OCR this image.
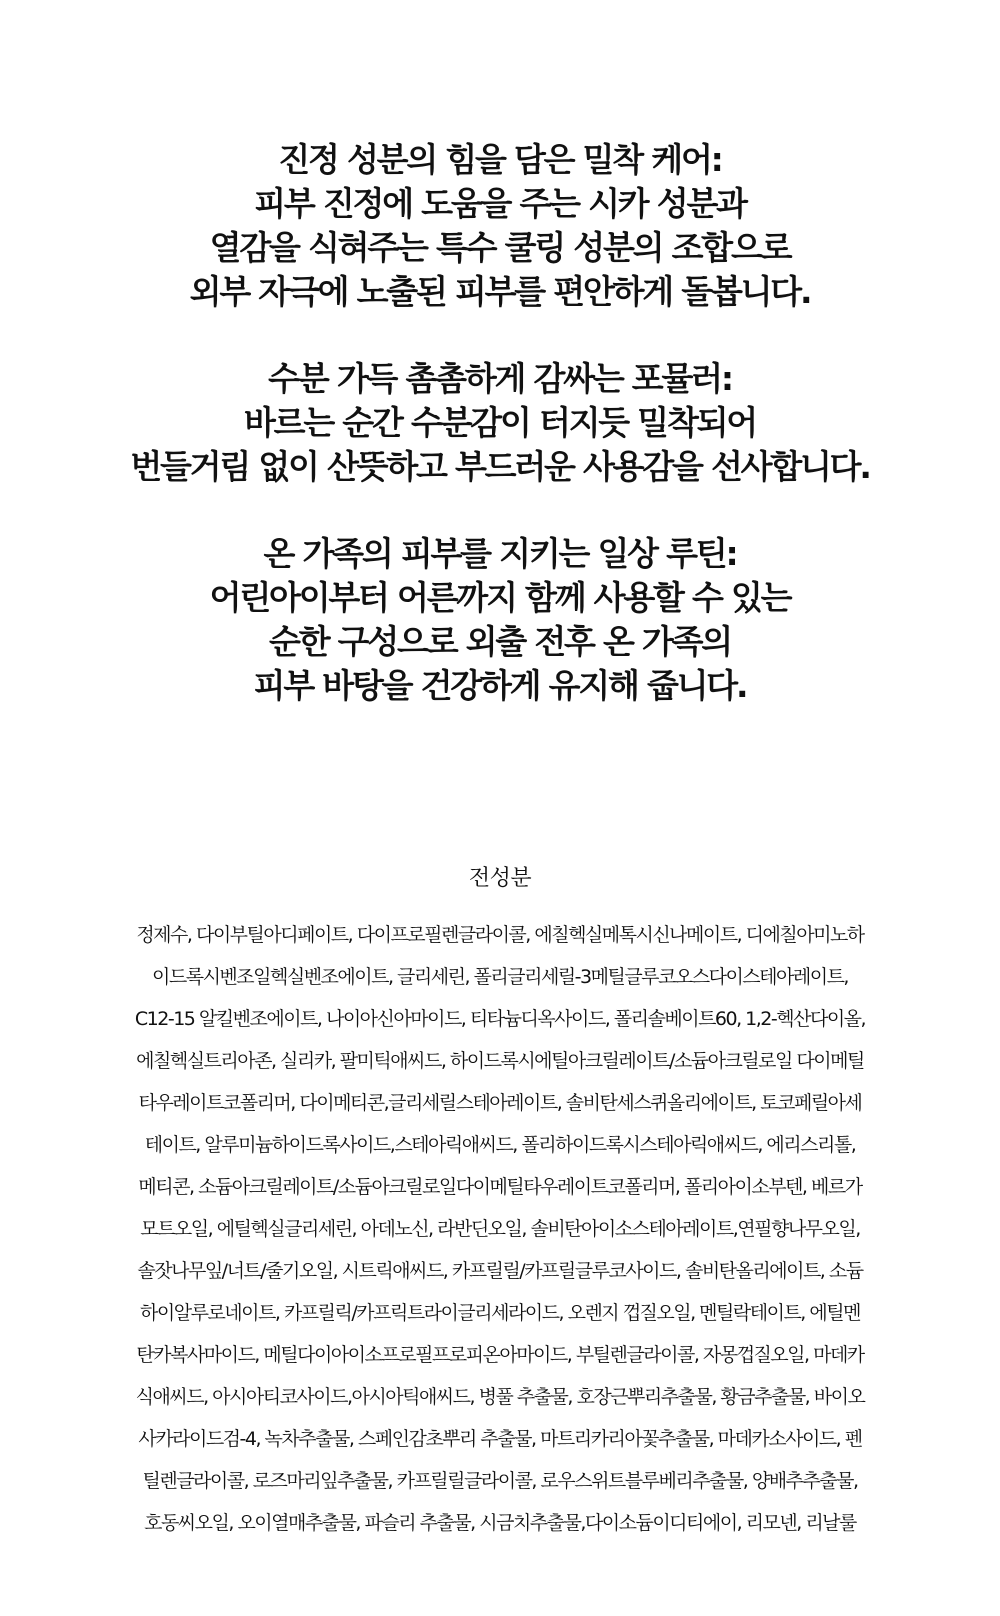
진정 성분의 힘을 담은 밀착 케어:
피부 진정에 도움을 주는 시카 성분과
열감을 식혀주는 특수 쿨링 성분의 조합으로
외부 자극에 노출된 피부를 편안하게 돌봅니다.
수분 가득 촘촘하게 감싸는 포뮬러:
바르는 순간 수분감이 터지듯 밀착되어
번들거림 없이 산뜻하고 부드러운 사용감을 선사합니다.
온 가족의 피부를 지키는 일상 루틴:
어린아이부터 어른까지 함께 사용할 수 있는
순한 구성으로 외출 전후 온 가족의
피부 바탕을 건강하게 유지해 줍니다.
전성분
정제수, 다이부틸아디페이트, 다이프로필렌글라이콜, 에칠헥실메톡시신나메이트, 디에칠아미노하
이드록시벤조일헥실벤조에이트, 글리세린, 폴리글리세릴-3메틸글루코오스다이스테아레이트,
C12-15 알킬벤조에이트, 나이아신아마이드, 티타늄디옥사이드, 폴리솔베이트60, 1,2-헥산다이올,
에칠헥실트리아존, 실리카, 팔미틱애씨드, 하이드록시에틸아크릴레이트/소듐아크릴로일 다이메틸
타우레이트코폴리머, 다이메티콘,글리세릴스테아레이트, 솔비탄세스퀴올리에이트, 토코페릴아세
테이트, 알루미늄하이드록사이드,스테아릭애씨드, 폴리하이드록시스테아릭애씨드, 에리스리톨,
메티콘, 소듐아크릴레이트/소듐아크릴로일다이메틸타우레이트코폴리머, 폴리아이소부텐, 베르가
모트오일, 에틸헥실글리세린, 아데노신, 라반딘오일, 솔비탄아이소스테아레이트,연필향나무오일,
솔잣나무잎/너트/줄기오일, 시트릭애씨드, 카프릴릴/카프릴글루코사이드, 솔비탄올리에이트, 소듐
하이알루로네이트, 카프릴릭/카프릭트라이글리세라이드, 오렌지 껍질오일, 멘틸락테이트, 에틸멘
탄카복사마이드, 메틸다이아이소프로필프로피온아마이드, 부틸렌글라이콜, 자몽껍질오일, 마데카
식애씨드, 아시아티코사이드,아시아틱애씨드, 병풀 추출물, 호장근뿌리추출물, 황금추출물, 바이오
사카라이드검-4, 녹차추출물, 스페인감초뿌리 추출물, 마트리카리아꽃추출물, 마데카소사이드, 펜
틸렌글라이콜, 로즈마리잎추출물, 카프릴릴글라이콜, 로우스위트블루베리추출물, 양배추추출물,
호동씨오일, 오이열매추출물, 파슬리 추출물, 시금치추출물,다이소듐이디티에이, 리모넨, 리날룰
